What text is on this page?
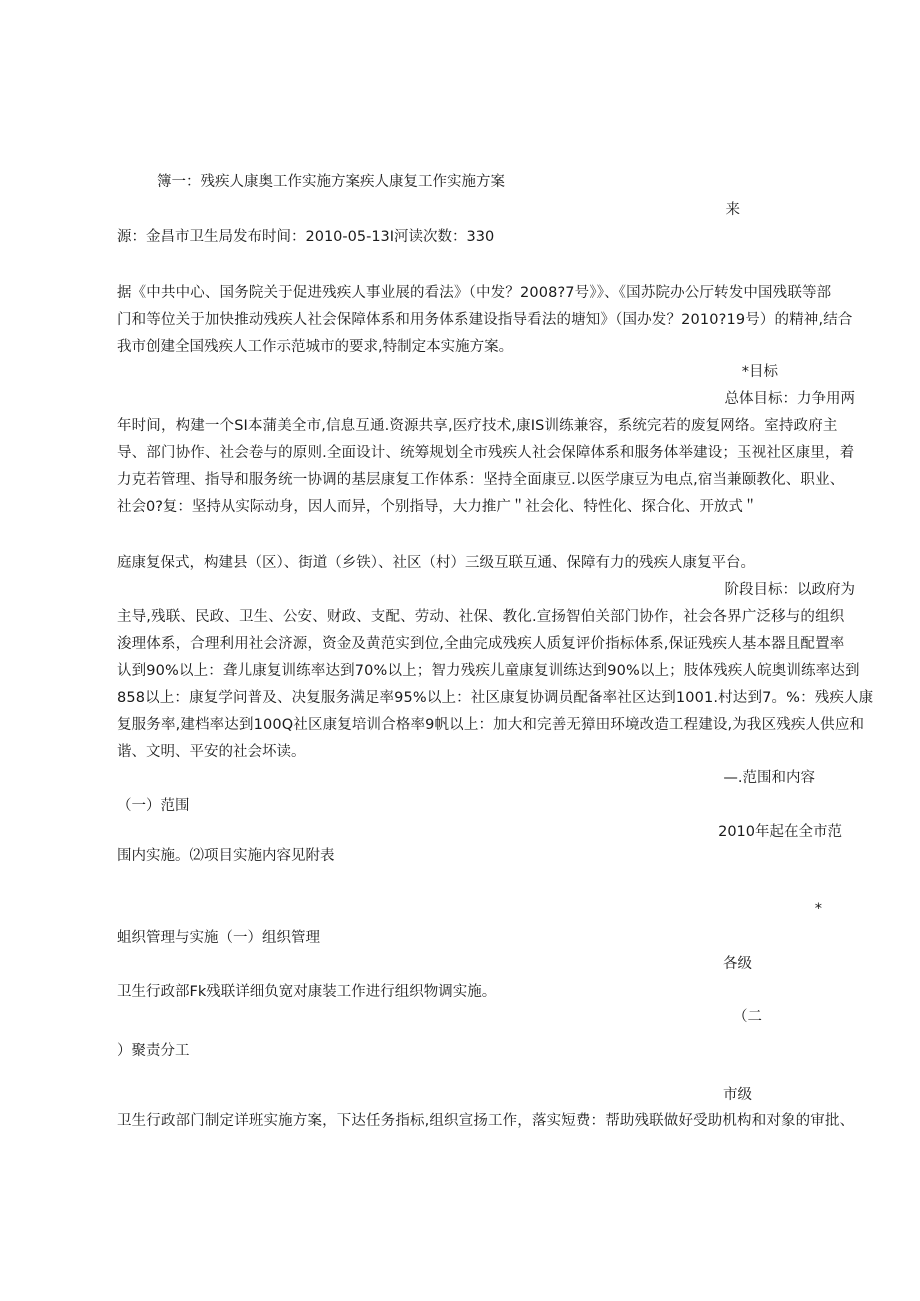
簿一：残疾人康奥工作实施方案疾人康复工作实施方案
来
源：金昌市卫生局发布时间：2010-05-13I河读次数：330
据《中共中心、国务院关于促进残疾人事业展的看法》（中发？2008?7号》》、《国苏院办公厅转发中国残联等部
门和等位关于加快推动残疾人社会保障体系和用务体系建设指导看法的塘知》（国办发？2010?19号）的精神,结合
我市创建全国残疾人工作示范城市的要求,特制定本实施方案。
*目标
总体目标：力争用两
年时间，构建一个SI本蒲美全市,信息互通.资源共享,医疗技术,康IS训练兼容，系统完若的废复网络。室持政府主
导、部门协作、社会卷与的原则.全面设计、统筹规划全市残疾人社会保障体系和服务体举建设；玉视社区康里，着
力克若管理、指导和服务统一协调的基层康复工作体系：坚持全面康豆.以医学康豆为电点,宿当兼颐教化、职业、
社会0?复：坚持从实际动身，因人而异，个别指导，大力推广＂社会化、特性化、探合化、开放式＂
庭康复保式，构建县（区）、街道（乡铁）、社区（村）三级互联互通、保障有力的残疾人康复平台。
阶段目标：以政府为
主导,残联、民政、卫生、公安、财政、支配、劳动、社保、教化.宣扬智伯关部门协作，社会各界广泛移与的组织
浚理体系，合理利用社会济源，资金及黄范实到位,全曲完成残疾人质复评价指标体系,保证残疾人基本器且配置率
认到90%以上：聋儿康复训练率达到70%以上；智力残疾儿童康复训练达到90%以上；肢体残疾人皖奥训练率达到
858以上：康复学问普及、决复服务满足率95%以上：社区康复协调员配备率社区达到1001.村达到7。%：残疾人康
复服务率,建档率达到100Q社区康复培训合格率9帆以上：加大和完善无獐田环境改造工程建设,为我区残疾人供应和
谐、文明、平安的社会坏读。
—.范围和内容
（一）范围
2010年起在全市范
围内实施。⑵项目实施内容见附表
*
蛆织管理与实施（一）组织管理
各级
卫生行政部Fk残联详细负宽对康装工作进行组织物调实施。
（二
）聚责分工
市级
卫生行政部门制定详班实施方案，下达任务指标,组织宣扬工作，落实短费：帮助残联做好受助机构和对象的审批、
